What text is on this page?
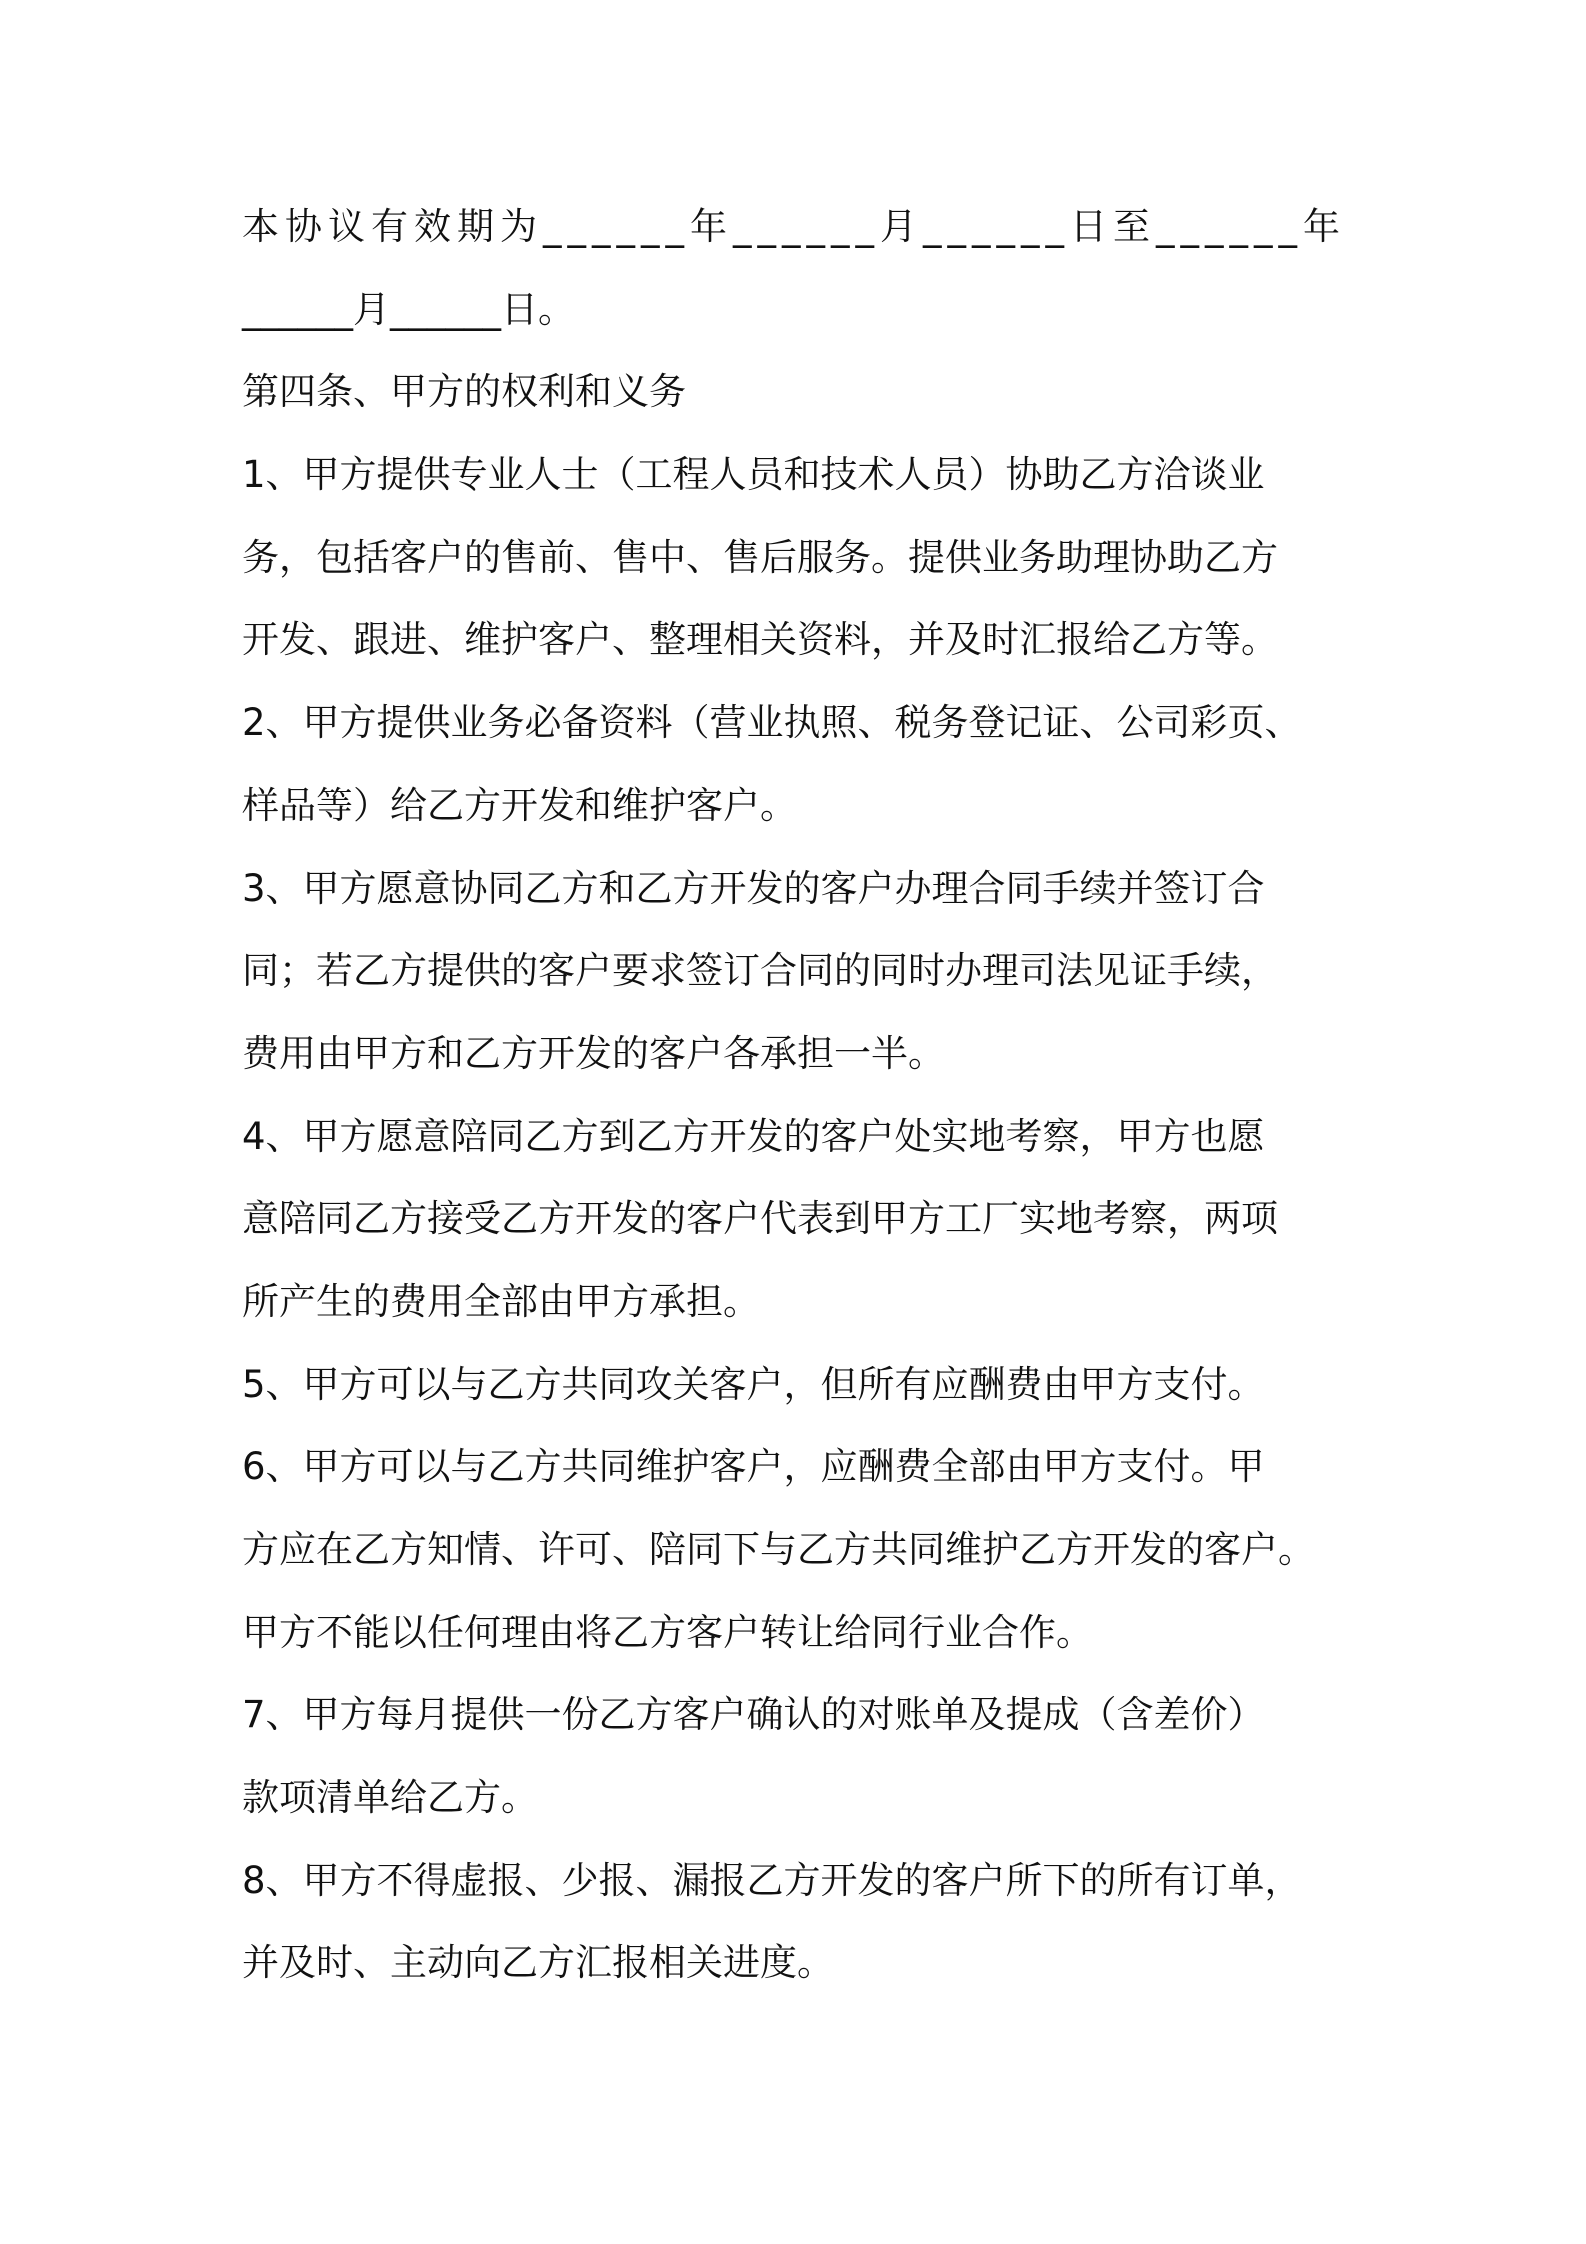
本协议有效期为______年______月______日至______年
______月______日。
第四条、甲方的权利和义务
1、甲方提供专业人士（工程人员和技术人员）协助乙方洽谈业
务，包括客户的售前、售中、售后服务。提供业务助理协助乙方
开发、跟进、维护客户、整理相关资料，并及时汇报给乙方等。
2、甲方提供业务必备资料（营业执照、税务登记证、公司彩页、
样品等）给乙方开发和维护客户。
3、甲方愿意协同乙方和乙方开发的客户办理合同手续并签订合
同；若乙方提供的客户要求签订合同的同时办理司法见证手续，
费用由甲方和乙方开发的客户各承担一半。
4、甲方愿意陪同乙方到乙方开发的客户处实地考察，甲方也愿
意陪同乙方接受乙方开发的客户代表到甲方工厂实地考察，两项
所产生的费用全部由甲方承担。
5、甲方可以与乙方共同攻关客户，但所有应酬费由甲方支付。
6、甲方可以与乙方共同维护客户，应酬费全部由甲方支付。甲
方应在乙方知情、许可、陪同下与乙方共同维护乙方开发的客户。
甲方不能以任何理由将乙方客户转让给同行业合作。
7、甲方每月提供一份乙方客户确认的对账单及提成（含差价）
款项清单给乙方。
8、甲方不得虚报、少报、漏报乙方开发的客户所下的所有订单，
并及时、主动向乙方汇报相关进度。
